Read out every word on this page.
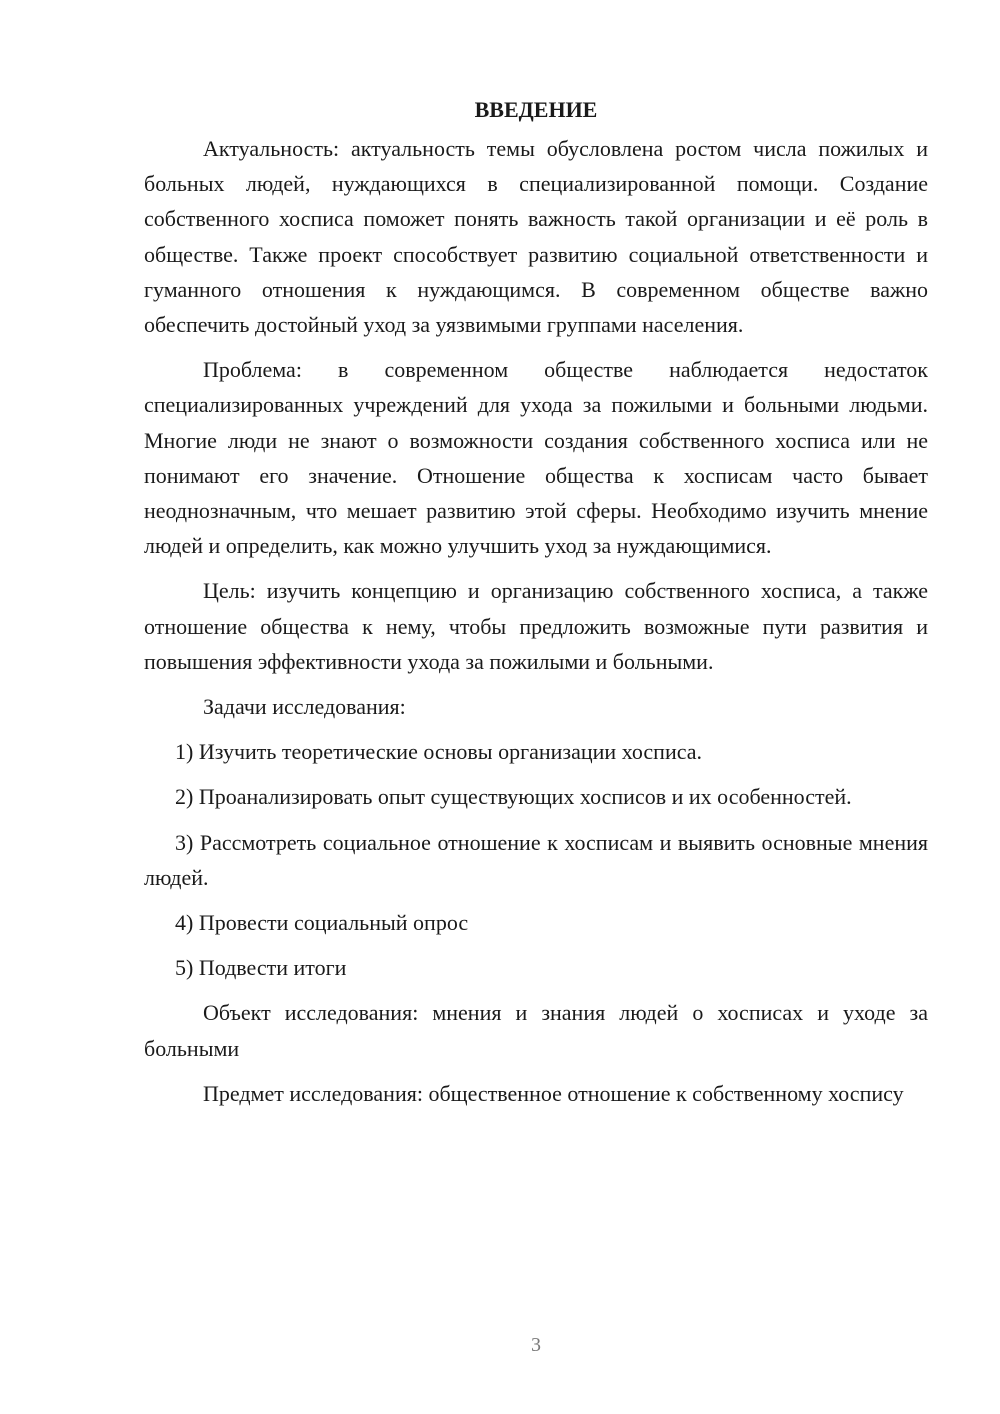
ВВЕДЕНИЕ

Актуальность: актуальность темы обусловлена ростом числа пожилых и больных людей, нуждающихся в специализированной помощи. Создание собственного хосписа поможет понять важность такой организации и её роль в обществе. Также проект способствует развитию социальной ответственности и гуманного отношения к нуждающимся. В современном обществе важно обеспечить достойный уход за уязвимыми группами населения.

Проблема: в современном обществе наблюдается недостаток специализированных учреждений для ухода за пожилыми и больными людьми. Многие люди не знают о возможности создания собственного хосписа или не понимают его значение. Отношение общества к хосписам часто бывает неоднозначным, что мешает развитию этой сферы. Необходимо изучить мнение людей и определить, как можно улучшить уход за нуждающимися.

Цель: изучить концепцию и организацию собственного хосписа, а также отношение общества к нему, чтобы предложить возможные пути развития и повышения эффективности ухода за пожилыми и больными.

Задачи исследования:

1) Изучить теоретические основы организации хосписа.

2) Проанализировать опыт существующих хосписов и их особенностей.

3) Рассмотреть социальное отношение к хосписам и выявить основные мнения людей.

4) Провести социальный опрос

5) Подвести итоги

Объект исследования: мнения и знания людей о хосписах и уходе за больными

Предмет исследования: общественное отношение к собственному хоспису

3
